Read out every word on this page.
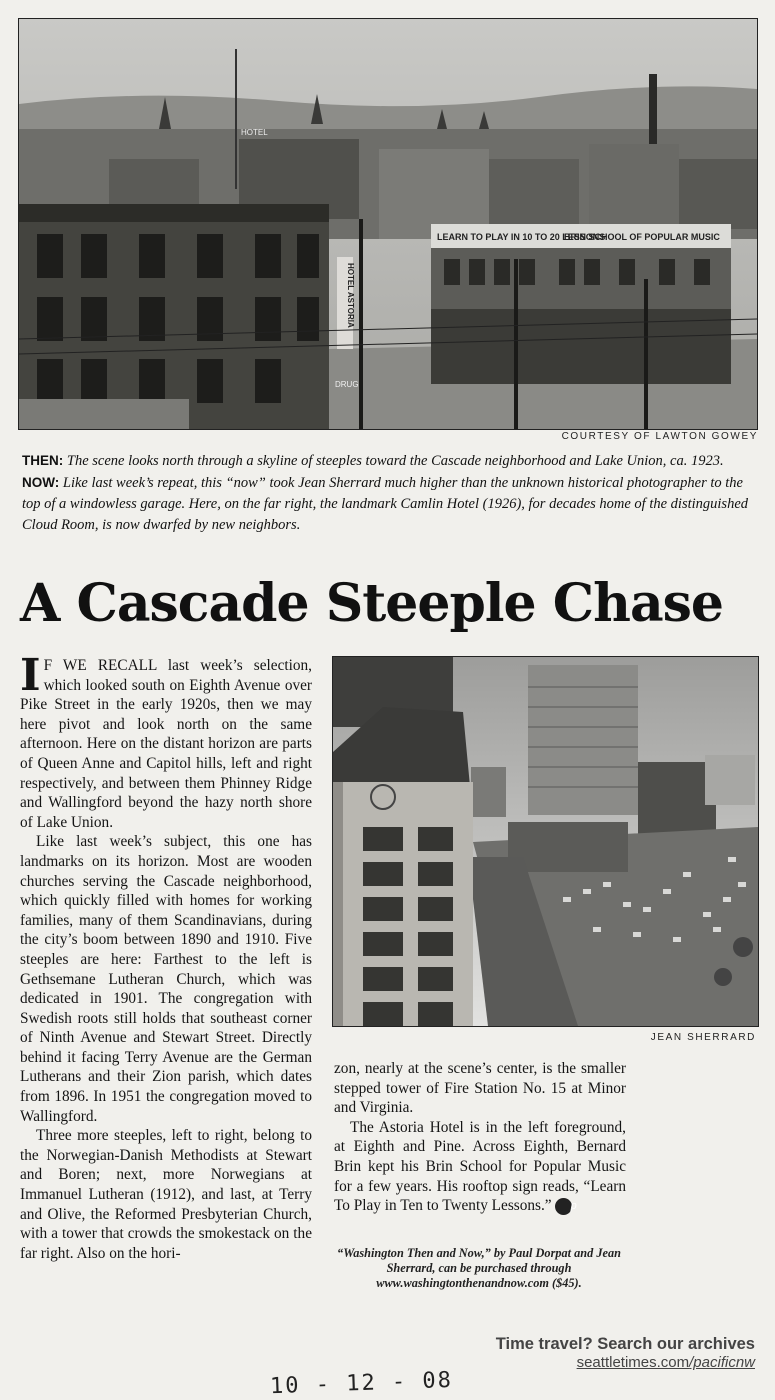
LEARN TO PLAY IN 10 TO 20 LESSONS
BRIN SCHOOL OF POPULAR MUSIC
HOTEL
DRUG
HOTEL ASTORIA
COURTESY OF LAWTON GOWEY

THEN: The scene looks north through a skyline of steeples toward the Cascade neighborhood and Lake Union, ca. 1923.

NOW: Like last week’s repeat, this “now” took Jean Sherrard much higher than the unknown historical photographer to the top of a windowless garage. Here, on the far right, the landmark Camlin Hotel (1926), for decades home of the distinguished Cloud Room, is now dwarfed by new neighbors.

A Cascade Steeple Chase

I F WE RECALL last week’s selection, which looked south on Eighth Avenue over Pike Street in the early 1920s, then we may here pivot and look north on the same afternoon. Here on the distant horizon are parts of Queen Anne and Capitol hills, left and right respectively, and between them Phinney Ridge and Wallingford beyond the hazy north shore of Lake Union.

Like last week’s subject, this one has landmarks on its horizon. Most are wooden churches serving the Cascade neighborhood, which quickly filled with homes for working families, many of them Scandinavians, during the city’s boom between 1890 and 1910. Five steeples are here: Farthest to the left is Gethsemane Lutheran Church, which was dedicated in 1901. The congregation with Swedish roots still holds that southeast corner of Ninth Avenue and Stewart Street. Directly behind it facing Terry Avenue are the German Lutherans and their Zion parish, which dates from 1896. In 1951 the congregation moved to Wallingford.

Three more steeples, left to right, belong to the Norwegian-Danish Methodists at Stewart and Boren; next, more Norwegians at Immanuel Lutheran (1912), and last, at Terry and Olive, the Reformed Presbyterian Church, with a tower that crowds the smokestack on the far right. Also on the hori-

JEAN SHERRARD

zon, nearly at the scene’s center, is the smaller stepped tower of Fire Station No. 15 at Minor and Virginia.

The Astoria Hotel is in the left foreground, at Eighth and Pine. Across Eighth, Bernard Brin kept his Brin School for Popular Music for a few years. His rooftop sign reads, “Learn To Play in Ten to Twenty Lessons.” p

“Washington Then and Now,” by Paul Dorpat and Jean Sherrard, can be purchased through www.washingtonthenandnow.com ($45).
Time travel? Search our archives
seattletimes.com/pacificnw
10 - 12 - 08
